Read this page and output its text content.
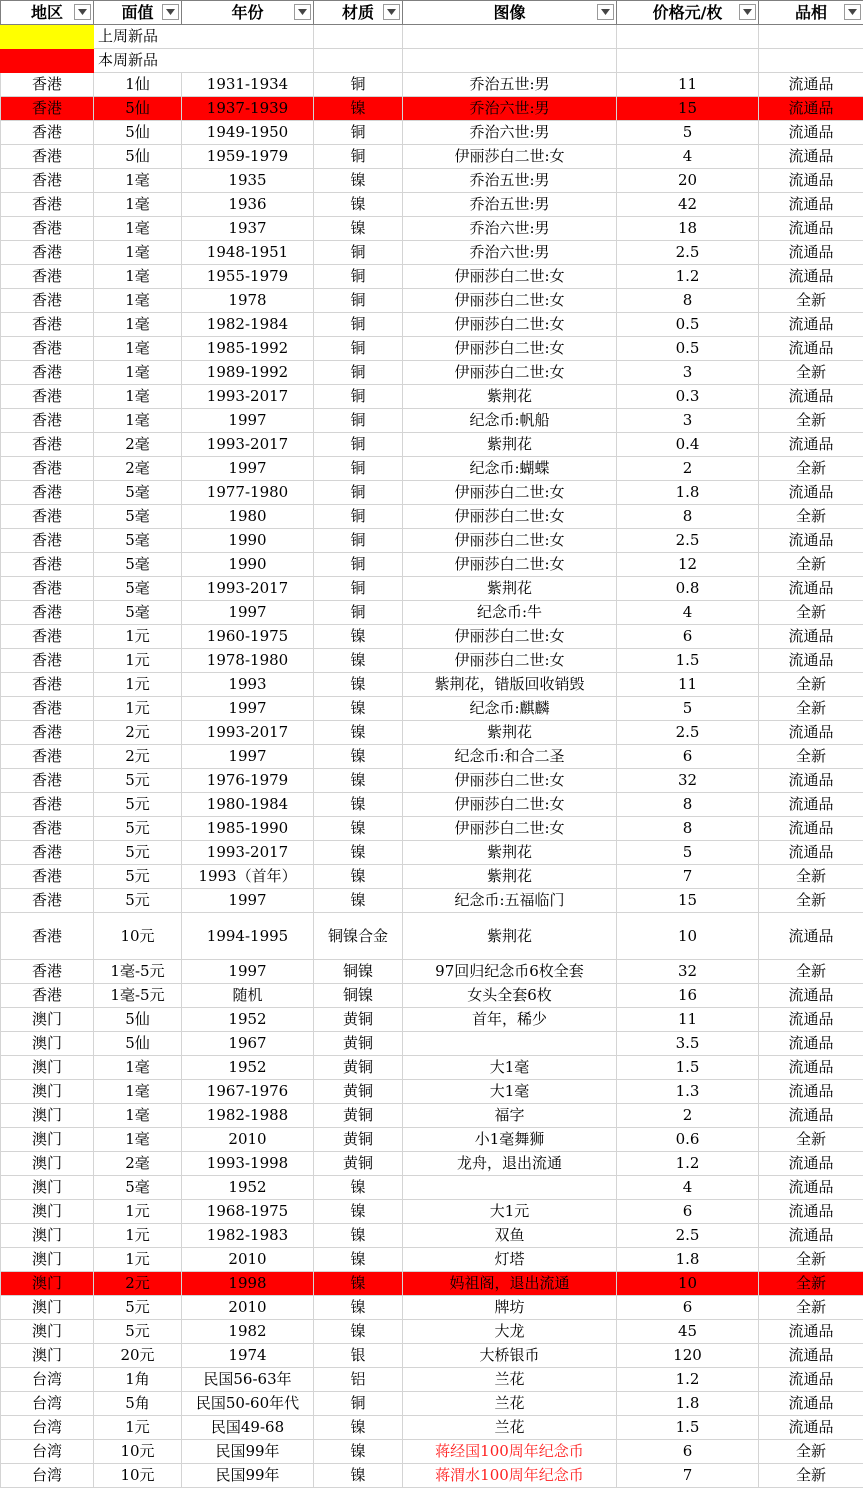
	上周新品					
	本周新品					
地区	面值	年份	材质	图像	价格元/枚	品相

香港	1仙	1931-1934	铜	乔治五世:男	11	流通品
香港	5仙	1937-1939	镍	乔治六世:男	15	流通品
香港	5仙	1949-1950	铜	乔治六世:男	5	流通品
香港	5仙	1959-1979	铜	伊丽莎白二世:女	4	流通品
香港	1毫	1935	镍	乔治五世:男	20	流通品
香港	1毫	1936	镍	乔治五世:男	42	流通品
香港	1毫	1937	镍	乔治六世:男	18	流通品
香港	1毫	1948-1951	铜	乔治六世:男	2.5	流通品
香港	1毫	1955-1979	铜	伊丽莎白二世:女	1.2	流通品
香港	1毫	1978	铜	伊丽莎白二世:女	8	全新
香港	1毫	1982-1984	铜	伊丽莎白二世:女	0.5	流通品
香港	1毫	1985-1992	铜	伊丽莎白二世:女	0.5	流通品
香港	1毫	1989-1992	铜	伊丽莎白二世:女	3	全新
香港	1毫	1993-2017	铜	紫荆花	0.3	流通品
香港	1毫	1997	铜	纪念币:帆船	3	全新
香港	2毫	1993-2017	铜	紫荆花	0.4	流通品
香港	2毫	1997	铜	纪念币:蝴蝶	2	全新
香港	5毫	1977-1980	铜	伊丽莎白二世:女	1.8	流通品
香港	5毫	1980	铜	伊丽莎白二世:女	8	全新
香港	5毫	1990	铜	伊丽莎白二世:女	2.5	流通品
香港	5毫	1990	铜	伊丽莎白二世:女	12	全新
香港	5毫	1993-2017	铜	紫荆花	0.8	流通品
香港	5毫	1997	铜	纪念币:牛	4	全新
香港	1元	1960-1975	镍	伊丽莎白二世:女	6	流通品
香港	1元	1978-1980	镍	伊丽莎白二世:女	1.5	流通品
香港	1元	1993	镍	紫荆花，错版回收销毁	11	全新
香港	1元	1997	镍	纪念币:麒麟	5	全新
香港	2元	1993-2017	镍	紫荆花	2.5	流通品
香港	2元	1997	镍	纪念币:和合二圣	6	全新
香港	5元	1976-1979	镍	伊丽莎白二世:女	32	流通品
香港	5元	1980-1984	镍	伊丽莎白二世:女	8	流通品
香港	5元	1985-1990	镍	伊丽莎白二世:女	8	流通品
香港	5元	1993-2017	镍	紫荆花	5	流通品
香港	5元	1993（首年）	镍	紫荆花	7	全新
香港	5元	1997	镍	纪念币:五福临门	15	全新
香港	10元	1994-1995	铜镍合金	紫荆花	10	流通品
香港	1毫-5元	1997	铜镍	97回归纪念币6枚全套	32	全新
香港	1毫-5元	随机	铜镍	女头全套6枚	16	流通品
澳门	5仙	1952	黄铜	首年，稀少	11	流通品
澳门	5仙	1967	黄铜		3.5	流通品
澳门	1毫	1952	黄铜	大1毫	1.5	流通品
澳门	1毫	1967-1976	黄铜	大1毫	1.3	流通品
澳门	1毫	1982-1988	黄铜	福字	2	流通品
澳门	1毫	2010	黄铜	小1毫舞狮	0.6	全新
澳门	2毫	1993-1998	黄铜	龙舟，退出流通	1.2	流通品
澳门	5毫	1952	镍		4	流通品
澳门	1元	1968-1975	镍	大1元	6	流通品
澳门	1元	1982-1983	镍	双鱼	2.5	流通品
澳门	1元	2010	镍	灯塔	1.8	全新
澳门	2元	1998	镍	妈祖阁，退出流通	10	全新
澳门	5元	2010	镍	牌坊	6	全新
澳门	5元	1982	镍	大龙	45	流通品
澳门	20元	1974	银	大桥银币	120	流通品
台湾	1角	民国56-63年	铝	兰花	1.2	流通品
台湾	5角	民国50-60年代	铜	兰花	1.8	流通品
台湾	1元	民国49-68	镍	兰花	1.5	流通品
台湾	10元	民国99年	镍	蒋经国100周年纪念币	6	全新
台湾	10元	民国99年	镍	蒋渭水100周年纪念币	7	全新
